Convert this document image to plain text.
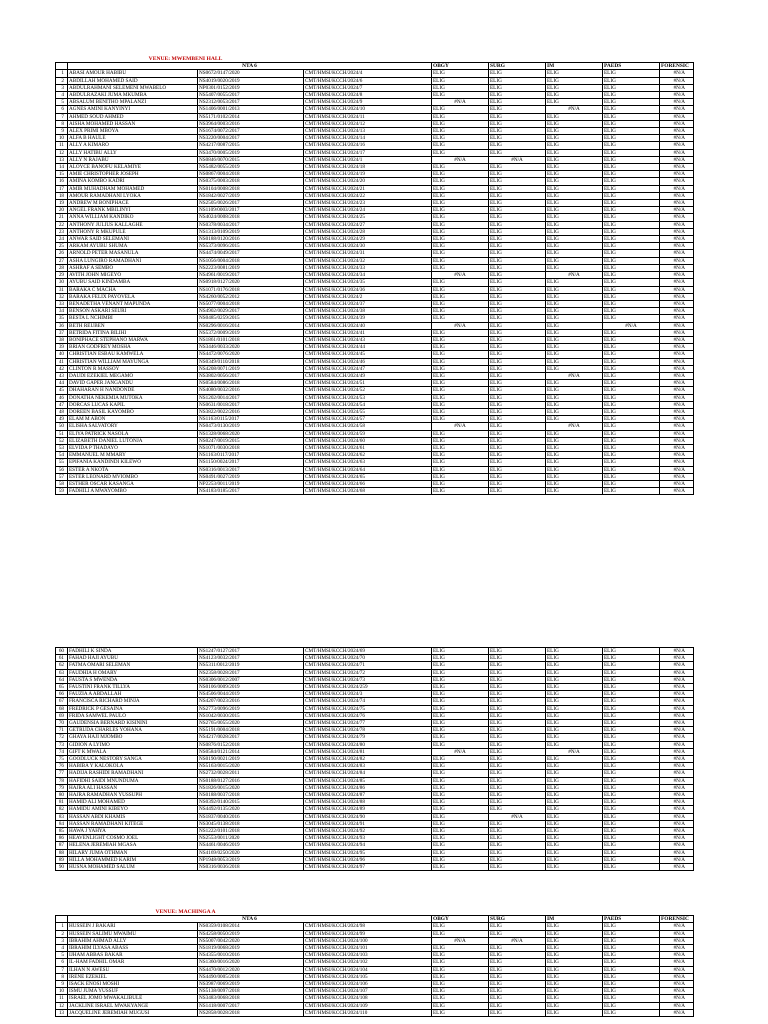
	VENUE: MWEMBENI HALL							
	NTA 6			OBGY	SURG	IM	PAEDS	FORENSIC
1	ABASI AMOUR HABIBU	NS0672/0147/2020	CMT/HMSI/KCCH/2024/4	ELIG	ELIG	ELIG	ELIG	#N/A
2	ABDILLAH MOHAMED SAID	NS4019/0020/2019	CMT/HMSI/KCCH/2024/6	ELIG	ELIG	ELIG	ELIG	#N/A
3	ABDULRAHMANI SELEMENI MWABELO	NP0301/0152/2019	CMT/HMSI/KCCH/2024/7	ELIG	ELIG	ELIG	ELIG	#N/A
4	ABDULRAZAKI JUMA MKUMBA	NS5407/0055/2017	CMT/HMSI/KCCH/2024/8	ELIG	ELIG	ELIG	ELIG	#N/A
5	ABSALUM BENITHO MPALANZI	NS2312/0053/2017	CMT/HMSI/KCCH/2024/9	#N/A	ELIG	ELIG	ELIG	#N/A
6	AGNES AMINI KANYINYI	NS1406/0001/2013	CMT/HMSI/KCCH/2024/10	ELIG	ELIG	#N/A	ELIG	#N/A
7	AHMED SOUD AHMED	NS5171/0102/2014	CMT/HMSI/KCCH/2024/11	ELIG	ELIG	ELIG	ELIG	#N/A
8	AISHA MOHAMED HASSAN	NS3964/0003/2016	CMT/HMSI/KCCH/2024/12	ELIG	ELIG	ELIG	ELIG	#N/A
9	ALEX PRIMI MBOYA	NS1674/0072/2017	CMT/HMSI/KCCH/2024/13	ELIG	ELIG	ELIG	ELIG	#N/A
10	ALFA B HAULE	NS3220/0004/2017	CMT/HMSI/KCCH/2024/14	ELIG	ELIG	ELIG	ELIG	#N/A
11	ALLY A KIMARO	NS4217/0087/2015	CMT/HMSI/KCCH/2024/16	ELIG	ELIG	ELIG	ELIG	#N/A
12	ALLY HATIBU ALLY	NS3470/0005/2019	CMT/HMSI/KCCH/2024/17	ELIG	ELIG	ELIG	ELIG	#N/A
13	ALLY N RAJABU	NS0846/0070/2015	CMT/HMSI/KCCH/2024/1	#N/A	#N/A	ELIG	ELIG	#N/A
14	ALOYCE BANOFU KELAMIYE	NS5482/0055/2019	CMT/HMSI/KCCH/2024/18	ELIG	ELIG	ELIG	ELIG	#N/A
15	AMIE CHRISTOPHER JOSEPH	NS0867/0004/2018	CMT/HMSI/KCCH/2024/19	ELIG	ELIG	ELIG	ELIG	#N/A
16	AMINA KOMBO KADRI	NS0375/0003/2018	CMT/HMSI/KCCH/2024/20	ELIG	ELIG	ELIG	ELIG	#N/A
17	AMIR MUHADHAM MOHAMED	NS0104/0008/2018	CMT/HMSI/KCCH/2024/21	ELIG	ELIG	ELIG	ELIG	#N/A
18	AMOUR RAMADHANI LYOKA	NS1842/0027/2019	CMT/HMSI/KCCH/2024/22	ELIG	ELIG	ELIG	ELIG	#N/A
19	ANDREW M BONIPHACE	NS2505/0026/2017	CMT/HMSI/KCCH/2024/23	ELIG	ELIG	ELIG	ELIG	#N/A
20	ANGEL FRANK MBILINYI	NS1109/0003/2017	CMT/HMSI/KCCH/2024/24	ELIG	ELIG	ELIG	ELIG	#N/A
21	ANNA WILLIAM KANDIKO	NS4024/0008/2018	CMT/HMSI/KCCH/2024/25	ELIG	ELIG	ELIG	ELIG	#N/A
22	ANTHONY JULIUS KALLAGHE	NS0378/0034/2017	CMT/HMSI/KCCH/2024/27	ELIG	ELIG	ELIG	ELIG	#N/A
23	ANTHONY R MKUPULE	NS1313/0109/2019	CMT/HMSI/KCCH/2024/28	ELIG	ELIG	ELIG	ELIG	#N/A
24	ANWAR SAID SELEMANI	NS0188/0120/2016	CMT/HMSI/KCCH/2024/29	ELIG	ELIG	ELIG	ELIG	#N/A
25	ARKAM AYUBU SHUMA	NS5373/0096/2015	CMT/HMSI/KCCH/2024/30	ELIG	ELIG	ELIG	ELIG	#N/A
26	ARNOLD PETER MASANULA	NS4474/0049/2017	CMT/HMSI/KCCH/2024/31	ELIG	ELIG	ELIG	ELIG	#N/A
27	ASHA LUNGIRO RAMADHANI	NS1056/0004/2018	CMT/HMSI/KCCH/2024/32	ELIG	ELIG	ELIG	ELIG	#N/A
28	ASHRAF A SEMBO	NS2223/0081/2019	CMT/HMSI/KCCH/2024/33	ELIG	ELIG	ELIG	ELIG	#N/A
29	AVITH JOHN MIGEYO	NS4961/0019/2017	CMT/HMSI/KCCH/2024/34	#N/A	ELIG	#N/A	ELIG	#N/A
30	AYUBU SAID KINDAMBA	NS0918/0127/2020	CMT/HMSI/KCCH/2024/35	ELIG	ELIG	ELIG	ELIG	#N/A
31	BARAKA C MACHA	NS1071/0176/2018	CMT/HMSI/KCCH/2024/36	ELIG	ELIG	ELIG	ELIG	#N/A
32	BARAKA FELIX PAYOVELA	NS4260/0052/2012	CMT/HMSI/KCCH/2024/2	ELIG	ELIG	ELIG	ELIG	#N/A
33	BENADETHA VENANT MAPUNDA	NS5077/0004/2018	CMT/HMSI/KCCH/2024/37	ELIG	ELIG	ELIG	ELIG	#N/A
34	BENSON ASKARI SEURI	NS4902/0029/2017	CMT/HMSI/KCCH/2024/38	ELIG	ELIG	ELIG	ELIG	#N/A
35	BESTA L NCHIMBI	NS0485/0259/2015	CMT/HMSI/KCCH/2024/39	ELIG	ELIG	ELIG	ELIG	#N/A
36	BETH REUBEN	NS0296/0016/2014	CMT/HMSI/KCCH/2024/40	#N/A	ELIG	ELIG	#N/A	#N/A
37	BETRIDA FITINA BILIHI	NS5372/0009/2019	CMT/HMSI/KCCH/2024/41	ELIG	ELIG	ELIG	ELIG	#N/A
38	BONIPHACE STEPHANO MARWA	NS1861/0101/2018	CMT/HMSI/KCCH/2024/43	ELIG	ELIG	ELIG	ELIG	#N/A
39	BRIAN GODFREY MOSHA	NS3446/0033/2020	CMT/HMSI/KCCH/2024/44	ELIG	ELIG	ELIG	ELIG	#N/A
40	CHRISTIAN ESBAU KAMWELA	NS4472/0076/2020	CMT/HMSI/KCCH/2024/45	ELIG	ELIG	ELIG	ELIG	#N/A
41	CHRISTIAN WILLIAM MAYUNGA	NS0349/0110/2018	CMT/HMSI/KCCH/2024/46	ELIG	ELIG	ELIG	ELIG	#N/A
42	CLINTON R MASSOY	NS4208/0071/2019	CMT/HMSI/KCCH/2024/47	ELIG	ELIG	ELIG	ELIG	#N/A
43	DAUDI EZEKIEL MEGAMO	NS3802/0056/2017	CMT/HMSI/KCCH/2024/49	ELIG	ELIG	#N/A	ELIG	#N/A
44	DAVID GAPER JANGANDU	NS0584/0086/2018	CMT/HMSI/KCCH/2024/51	ELIG	ELIG	ELIG	ELIG	#N/A
45	DHAHARAN H NANDONDE	NS4080/0032/2016	CMT/HMSI/KCCH/2024/52	ELIG	ELIG	ELIG	ELIG	#N/A
46	DONATHA NEKEMIA MUTOKA	NS1202/0014/2017	CMT/HMSI/KCCH/2024/53	ELIG	ELIG	ELIG	ELIG	#N/A
47	DORCAS LUCAS KAPIL	NS0631/0018/2017	CMT/HMSI/KCCH/2024/54	ELIG	ELIG	ELIG	ELIG	#N/A
48	DOREEN BASIL KAYOMBO	NS3822/0022/2016	CMT/HMSI/KCCH/2024/55	ELIG	ELIG	ELIG	ELIG	#N/A
49	ELAM M ABON	NS1163/0115/2017	CMT/HMSI/KCCH/2024/57	ELIG	ELIG	ELIG	ELIG	#N/A
50	ELISHA SALVATORY	NS0473/0130/2019	CMT/HMSI/KCCH/2024/58	#N/A	ELIG	#N/A	ELIG	#N/A
51	ELIYA PATRICK NASOLA	NS1328/0068/2020	CMT/HMSI/KCCH/2024/59	ELIG	ELIG	ELIG	ELIG	#N/A
52	ELIZABETH DANIEL LUTONJA	NS0247/0019/2015	CMT/HMSI/KCCH/2024/60	ELIG	ELIG	ELIG	ELIG	#N/A
53	ELVIDA P THADAYO	NS1071/0030/2018	CMT/HMSI/KCCH/2024/61	ELIG	ELIG	ELIG	ELIG	#N/A
54	EMMANUEL M MMARY	NS1163/0117/2017	CMT/HMSI/KCCH/2024/62	ELIG	ELIG	ELIG	ELIG	#N/A
55	EPIFANIA KANDINDI KILEWO	NS1150/0024/2017	CMT/HMSI/KCCH/2024/63	ELIG	ELIG	ELIG	ELIG	#N/A
56	ESTER A NKOTA	NS0316/0013/2017	CMT/HMSI/KCCH/2024/64	ELIG	ELIG	ELIG	ELIG	#N/A
57	ESTER LEONARD MVIOMBO	NS0491/0027/2019	CMT/HMSI/KCCH/2024/65	ELIG	ELIG	ELIG	ELIG	#N/A
58	ESTHER OSCAR KASANGA	NP2253/0011/2019	CMT/HMSI/KCCH/2024/66	ELIG	ELIG	ELIG	ELIG	#N/A
59	FADHILI A MWAYOMBO	NS4183/0185/2017	CMT/HMSI/KCCH/2024/68	ELIG	ELIG	ELIG	ELIG	#N/A
60	FADHILI K SINDA	NS1247/0127/2017	CMT/HMSI/KCCH/2024/69	ELIG	ELIG	ELIG	ELIG	#N/A
61	FAHAD HAJI AYUBU	NS4123/0032/2017	CMT/HMSI/KCCH/2024/70	ELIG	ELIG	ELIG	ELIG	#N/A
62	FATMA OMARI SELEMAN	NS5311/0012/2019	CMT/HMSI/KCCH/2024/71	ELIG	ELIG	ELIG	ELIG	#N/A
63	FAUDHIA H OMARY	NS2358/0028/2017	CMT/HMSI/KCCH/2024/72	ELIG	ELIG	ELIG	ELIG	#N/A
64	FAUSTA S MWENDA	NS0306/0012/2007	CMT/HMSI/KCCH/2024/73	ELIG	ELIG	ELIG	ELIG	#N/A
65	FAUSTINI FRANK TILLYA	NS0106/0009/2019	CMT/HMSI/KCCH/2024/259	ELIG	ELIG	ELIG	ELIG	#N/A
66	FAUZIA A ABDALLAH	NS4506/0044/2019	CMT/HMSI/KCCH/2024/3	ELIG	ELIG	ELIG	ELIG	#N/A
67	FRANCISCA RICHARD MINJA	NS4207/0023/2016	CMT/HMSI/KCCH/2024/74	ELIG	ELIG	ELIG	ELIG	#N/A
68	FREDRICK P GESAINA	NS2773/0096/2019	CMT/HMSI/KCCH/2024/75	ELIG	ELIG	ELIG	ELIG	#N/A
69	FRIDA SAMWEL PAULO	NS1042/0030/2015	CMT/HMSI/KCCH/2024/76	ELIG	ELIG	ELIG	ELIG	#N/A
70	GAUDENSIA BERNARD KISININI	NS2765/0055/2020	CMT/HMSI/KCCH/2024/77	ELIG	ELIG	ELIG	ELIG	#N/A
71	GETRUDA CHARLES YOHANA	NS5191/0004/2018	CMT/HMSI/KCCH/2024/78	ELIG	ELIG	ELIG	ELIG	#N/A
72	GHAYA HAJI MJOMBO	NS4217/0028/2017	CMT/HMSI/KCCH/2024/79	ELIG	ELIG	ELIG	ELIG	#N/A
73	GIDION A LYIMO	NS0876/0152/2018	CMT/HMSI/KCCH/2024/80	ELIG	ELIG	ELIG	ELIG	#N/A
74	GIFT K MWALA	NS0584/0121/2014	CMT/HMSI/KCCH/2024/81	#N/A	ELIG	#N/A	ELIG	#N/A
75	GOODLUCK NESTORY SANGA	NS0190/0021/2019	CMT/HMSI/KCCH/2024/82	ELIG	ELIG	ELIG	ELIG	#N/A
76	HABIBA Y KALOKOLA	NS5163/0015/2020	CMT/HMSI/KCCH/2024/83	ELIG	ELIG	ELIG	ELIG	#N/A
77	HADIJA RASHIDI RAMADHANI	NS2732/0028/2011	CMT/HMSI/KCCH/2024/84	ELIG	ELIG	ELIG	ELIG	#N/A
78	HAFIDHI SAIDI MNUNDUMA	NS0188/0127/2016	CMT/HMSI/KCCH/2024/85	ELIG	ELIG	ELIG	ELIG	#N/A
79	HAJRA ALI HASSAN	NS1826/0015/2020	CMT/HMSI/KCCH/2024/86	ELIG	ELIG	ELIG	ELIG	#N/A
80	HAJRA RAMADHAN YUSSUPH	NS0188/0037/2018	CMT/HMSI/KCCH/2024/87	ELIG	ELIG	ELIG	ELIG	#N/A
81	HAMID ALI MOHAMED	NS0392/0140/2015	CMT/HMSI/KCCH/2024/88	ELIG	ELIG	ELIG	ELIG	#N/A
82	HAMIDU AMINI KIBEYO	NS4492/0135/2020	CMT/HMSI/KCCH/2024/89	ELIG	ELIG	ELIG	ELIG	#N/A
83	HASSAN ABDI KHAMIS	NS1837/0040/2016	CMT/HMSI/KCCH/2024/90	ELIG	#N/A	ELIG	ELIG	#N/A
84	HASSAN RAMADHANI KITEGE	NS3045/0138/2018	CMT/HMSI/KCCH/2024/91	ELIG	ELIG	ELIG	ELIG	#N/A
85	HAWA J YAHYA	NS1222/0101/2018	CMT/HMSI/KCCH/2024/92	ELIG	ELIG	ELIG	ELIG	#N/A
86	HEAVENLIGHT COSMO JOEL	NS2553/0011/2020	CMT/HMSI/KCCH/2024/93	ELIG	ELIG	ELIG	ELIG	#N/A
87	HELENA JEREMIAH MGASA	NS4461/0046/2019	CMT/HMSI/KCCH/2024/94	ELIG	ELIG	ELIG	ELIG	#N/A
88	HILARY JUMA OTHMAN	NS4169/0250/2020	CMT/HMSI/KCCH/2024/95	ELIG	ELIG	ELIG	ELIG	#N/A
89	HILLA MOHAMMED KARIM	NP1948/0053/2019	CMT/HMSI/KCCH/2024/96	ELIG	ELIG	ELIG	ELIG	#N/A
90	HUSNA MOHAMED SALUM	NS0316/0036/2018	CMT/HMSI/KCCH/2024/97	ELIG	ELIG	ELIG	ELIG	#N/A
	VENUE: MACHINGA A							
	NTA 6			OBGY	SURG	IM	PAEDS	FORENSIC
1	HUSSEIN J BAKARI	NS0359/0108/2014	CMT/HMSI/KCCH/2024/98	ELIG	ELIG	ELIG	ELIG	#N/A
2	HUSSEIN SALIMU MWAIMU	NS4258/0050/2019	CMT/HMSI/KCCH/2024/99	ELIG	ELIG	ELIG	ELIG	#N/A
3	IBRAHIM AHMAD ALLY	NS5007/0042/2020	CMT/HMSI/KCCH/2024/100	#N/A	#N/A	ELIG	ELIG	#N/A
4	IBRAHIM ILYASA ABASS	NS1819/0068/2019	CMT/HMSI/KCCH/2024/101	ELIG	ELIG	ELIG	ELIG	#N/A
5	IJHAM ABBAS BAKAR	NS4355/0010/2016	CMT/HMSI/KCCH/2024/103	ELIG	ELIG	ELIG	ELIG	#N/A
6	IL-HAM FADHIL OMAR	NS1360/0016/2020	CMT/HMSI/KCCH/2024/102	ELIG	ELIG	ELIG	ELIG	#N/A
7	ILHAN N AWESU	NS4470/0012/2020	CMT/HMSI/KCCH/2024/104	ELIG	ELIG	ELIG	ELIG	#N/A
8	IRENE EZEKIEL	NS4490/0005/2018	CMT/HMSI/KCCH/2024/105	ELIG	ELIG	ELIG	ELIG	#N/A
9	ISACK ENOSI MOSHI	NS3987/0069/2019	CMT/HMSI/KCCH/2024/106	ELIG	ELIG	ELIG	ELIG	#N/A
10	ISMU JUMA YUSSUF	NS5138/0097/2018	CMT/HMSI/KCCH/2024/107	ELIG	ELIG	ELIG	ELIG	#N/A
11	ISRAEL JOMO MWAKALIBULE	NS3483/0068/2018	CMT/HMSI/KCCH/2024/108	ELIG	ELIG	ELIG	ELIG	#N/A
12	JACKLINE ISRAEL MWAKYANGE	NS1418/0007/2017	CMT/HMSI/KCCH/2024/109	ELIG	ELIG	ELIG	ELIG	#N/A
13	JACQUELINE JEREMIAH MUGUSI	NS2858/0028/2018	CMT/HMSI/KCCH/2024/110	ELIG	ELIG	ELIG	ELIG	#N/A
